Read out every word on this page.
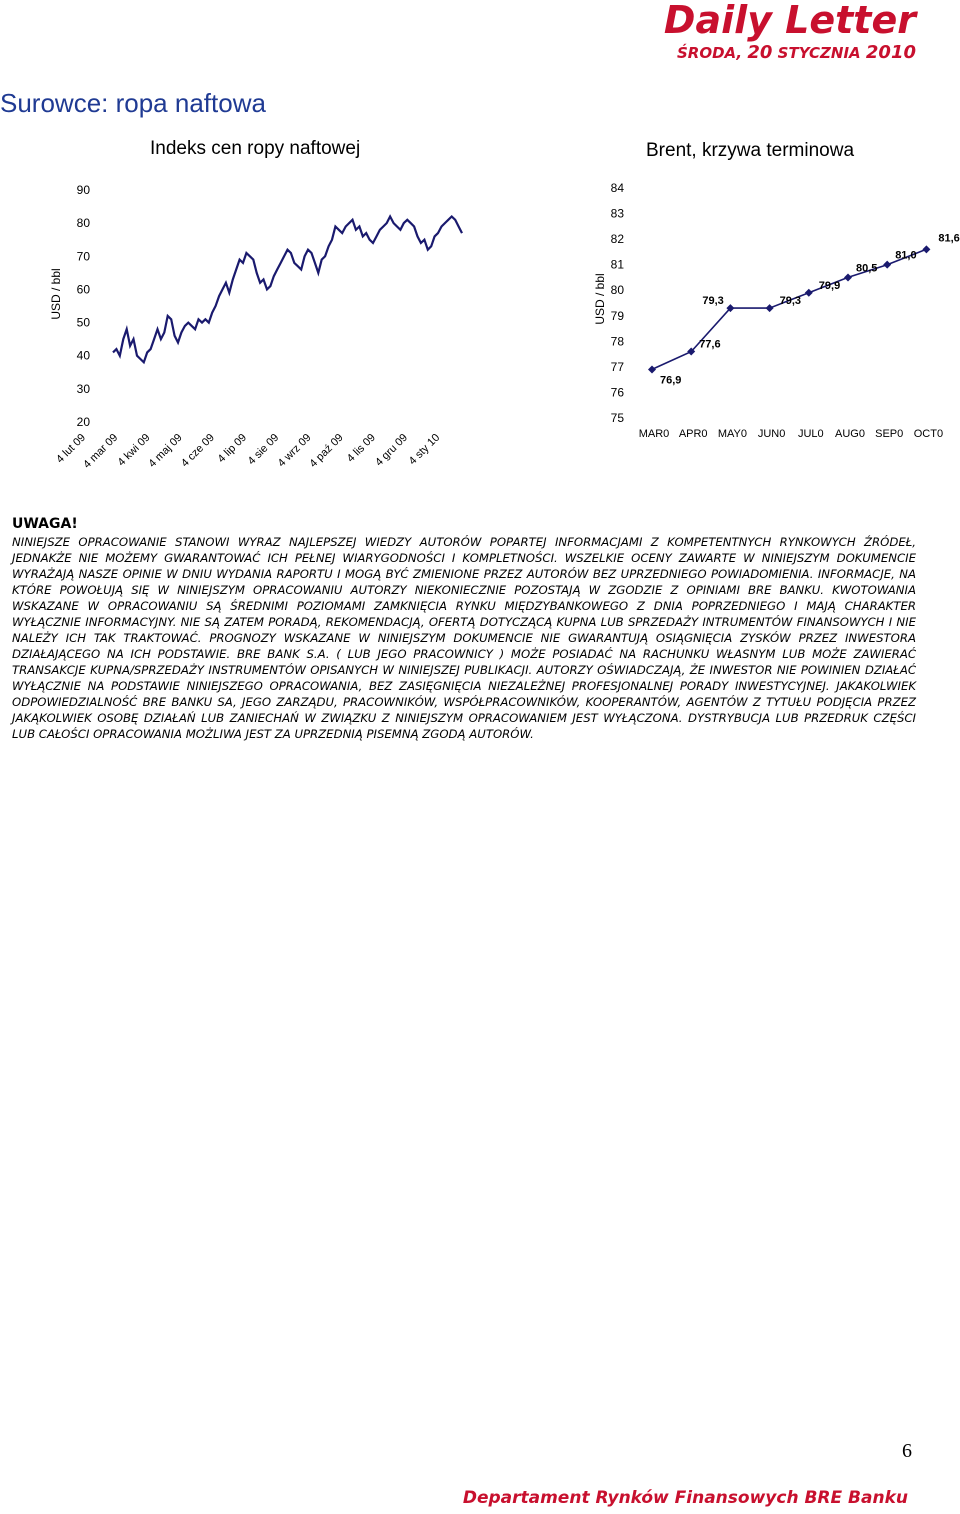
Daily Letter
ŚRODA, 20 STYCZNIA 2010
Surowce: ropa naftowa
Indeks cen ropy naftowej	Brent, krzywa terminowa
USD / bbl
20
30
40
50
60
70
80
90
4 lut 09
4 mar 09
4 kwi 09
4 maj 09
4 cze 09
4 lip 09
4 sie 09
4 wrz 09
4 paź 09 4 lis 09
4 gru 09
4 sty 10
USD / bbl
75
76
77
78
79
80
81
82
83
84
MAR0 APR0 MAY0 JUN0 JUL0 AUG0 SEP0 OCT0
76,9
77,6
79,3	79,3
79,9
80,5
81,0
81,6
UWAGA!
NINIEJSZE OPRACOWANIE STANOWI WYRAZ NAJLEPSZEJ WIEDZY AUTORÓW POPARTEJ INFORMACJAMI Z KOMPETENTNYCH RYNKOWYCH ŹRÓDEŁ, JEDNAKŻE NIE MOŻEMY GWARANTOWAĆ ICH PEŁNEJ WIARYGODNOŚCI I KOMPLETNOŚCI. WSZELKIE OCENY ZAWARTE W NINIEJSZYM DOKUMENCIE WYRAŻAJĄ NASZE OPINIE W DNIU WYDANIA RAPORTU I MOGĄ BYĆ ZMIENIONE PRZEZ AUTORÓW BEZ UPRZEDNIEGO POWIADOMIENIA. INFORMACJE, NA KTÓRE POWOŁUJĄ SIĘ W NINIEJSZYM OPRACOWANIU AUTORZY NIEKONIECZNIE POZOSTAJĄ W ZGODZIE Z OPINIAMI BRE BANKU. KWOTOWANIA WSKAZANE W OPRACOWANIU SĄ ŚREDNIMI POZIOMAMI ZAMKNIĘCIA RYNKU MIĘDZYBANKOWEGO Z DNIA POPRZEDNIEGO I MAJĄ CHARAKTER WYŁĄCZNIE INFORMACYJNY. NIE SĄ ZATEM PORADĄ, REKOMENDACJĄ, OFERTĄ DOTYCZĄCĄ KUPNA LUB SPRZEDAŻY INTRUMENTÓW FINANSOWYCH I NIE NALEŻY ICH TAK TRAKTOWAĆ. PROGNOZY WSKAZANE W NINIEJSZYM DOKUMENCIE NIE GWARANTUJĄ OSIĄGNIĘCIA ZYSKÓW PRZEZ INWESTORA DZIAŁAJĄCEGO NA ICH PODSTAWIE. BRE BANK S.A. ( LUB JEGO PRACOWNICY ) MOŻE POSIADAĆ NA RACHUNKU WŁASNYM LUB MOŻE ZAWIERAĆ TRANSAKCJE KUPNA/SPRZEDAŻY INSTRUMENTÓW OPISANYCH W NINIEJSZEJ PUBLIKACJI. AUTORZY OŚWIADCZAJĄ, ŻE INWESTOR NIE POWINIEN DZIAŁAĆ WYŁĄCZNIE NA PODSTAWIE NINIEJSZEGO OPRACOWANIA, BEZ ZASIĘGNIĘCIA NIEZALEŻNEJ PROFESJONALNEJ PORADY INWESTYCYJNEJ. JAKAKOLWIEK ODPOWIEDZIALNOŚĆ BRE BANKU SA, JEGO ZARZĄDU, PRACOWNIKÓW, WSPÓŁPRACOWNIKÓW, KOOPERANTÓW, AGENTÓW Z TYTUŁU PODJĘCIA PRZEZ JAKĄKOLWIEK OSOBĘ DZIAŁAŃ LUB ZANIECHAŃ W ZWIĄZKU Z NINIEJSZYM OPRACOWANIEM JEST WYŁĄCZONA. DYSTRYBUCJA LUB PRZEDRUK CZĘŚCI LUB CAŁOŚCI OPRACOWANIA MOŻLIWA JEST ZA UPRZEDNIĄ PISEMNĄ ZGODĄ AUTORÓW.
6
Departament Rynków Finansowych BRE Banku
